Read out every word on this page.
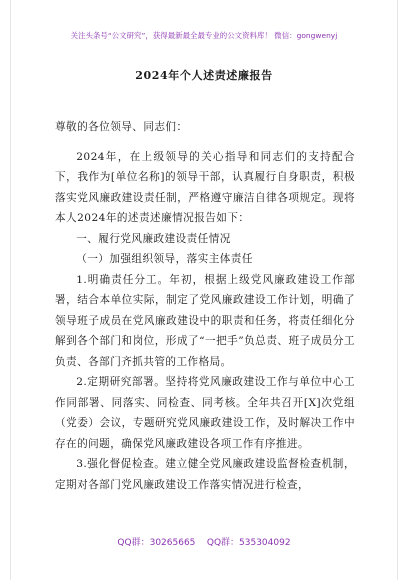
关注头条号“公文研究”，获得最新最全最专业的公文资料库！ 微信：gongwenyj
2024年个人述责述廉报告

尊敬的各位领导、同志们：

2024年，在上级领导的关心指导和同志们的支持配合下，我作为[单位名称]的领导干部，认真履行自身职责，积极落实党风廉政建设责任制，严格遵守廉洁自律各项规定。现将本人2024年的述责述廉情况报告如下：

一、履行党风廉政建设责任情况

（一）加强组织领导，落实主体责任

1.明确责任分工。年初，根据上级党风廉政建设工作部署，结合本单位实际，制定了党风廉政建设工作计划，明确了领导班子成员在党风廉政建设中的职责和任务，将责任细化分解到各个部门和岗位，形成了“一把手”负总责、班子成员分工负责、各部门齐抓共管的工作格局。

2.定期研究部署。坚持将党风廉政建设工作与单位中心工作同部署、同落实、同检查、同考核。全年共召开[X]次党组（党委）会议，专题研究党风廉政建设工作，及时解决工作中存在的问题，确保党风廉政建设各项工作有序推进。

3.强化督促检查。建立健全党风廉政建设监督检查机制，定期对各部门党风廉政建设工作落实情况进行检查，

QQ群：30265665 QQ群：535304092
